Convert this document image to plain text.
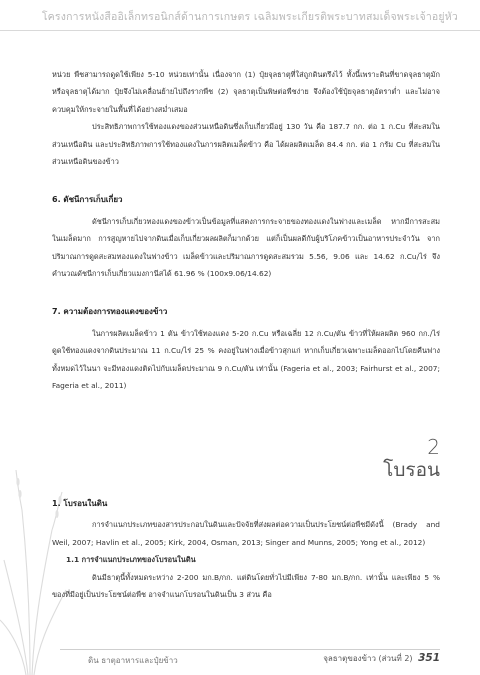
โครงการหนังสืออิเล็กทรอนิกส์ด้านการเกษตร เฉลิมพระเกียรติพระบาทสมเด็จพระเจ้าอยู่หัว

หน่วย พืชสามารถดูดใช้เพียง 5-10 หน่วยเท่านั้น เนื่องจาก (1) ปุ๋ยจุลธาตุที่ใส่ถูกดินตรึงไว้ ทั้งนี้เพราะดินที่ขาดจุลธาตุมักหรือจุลธาตุได้มาก ปุ๋ยจึงไม่เคลื่อนย้ายไปถึงรากพืช (2) จุลธาตุเป็นพิษต่อพืชง่าย จึงต้องใช้ปุ๋ยจุลธาตุอัตราต่ำ และไม่อาจควบคุมให้กระจายในพื้นที่ได้อย่างสม่ำเสมอ

ประสิทธิภาพการใช้ทองแดงของส่วนเหนือดินซึ่งเก็บเกี่ยวมีอยู่ 130 วัน คือ 187.7 กก. ต่อ 1 ก.Cu ที่สะสมในส่วนเหนือดิน และประสิทธิภาพการใช้ทองแดงในการผลิตเมล็ดข้าว คือ ได้ผลผลิตเมล็ด 84.4 กก. ต่อ 1 กรัม Cu ที่สะสมในส่วนเหนือดินของข้าว

6. ดัชนีการเก็บเกี่ยว

ดัชนีการเก็บเกี่ยวทองแดงของข้าวเป็นข้อมูลที่แสดงการกระจายของทองแดงในฟางและเมล็ด หากมีการสะสมในเมล็ดมาก การสูญหายไปจากดินเมื่อเก็บเกี่ยวผลผลิตก็มากด้วย แต่ก็เป็นผลดีกับผู้บริโภคข้าวเป็นอาหารประจำวัน จากปริมาณการดูดสะสมทองแดงในฟางข้าว เมล็ดข้าวและปริมาณการดูดสะสมรวม 5.56, 9.06 และ 14.62 ก.Cu/ไร่ จึงคำนวณดัชนีการเก็บเกี่ยวแมงกานีสได้ 61.96 % (100x9.06/14.62)

7. ความต้องการทองแดงของข้าว

ในการผลิตเมล็ดข้าว 1 ตัน ข้าวใช้ทองแดง 5-20 ก.Cu หรือเฉลี่ย 12 ก.Cu/ตัน ข้าวที่ให้ผลผลิต 960 กก./ไร่ ดูดใช้ทองแดงจากดินประมาณ 11 ก.Cu/ไร่ 25 % คงอยู่ในฟางเมื่อข้าวสุกแก่ หากเก็บเกี่ยวเฉพาะเมล็ดออกไปโดยคืนฟางทั้งหมดไว้ในนา จะมีทองแดงติดไปกับเมล็ดประมาณ 9 ก.Cu/ตัน เท่านั้น (Fageria et al., 2003; Fairhurst et al., 2007; Fageria et al., 2011)

2
โบรอน

1. โบรอนในดิน

การจำแนกประเภทของสารประกอบในดินและปัจจัยที่ส่งผลต่อความเป็นประโยชน์ต่อพืชมีดังนี้ (Brady and Weil, 2007; Havlin et al., 2005; Kirk, 2004, Osman, 2013; Singer and Munns, 2005; Yong et al., 2012)

1.1 การจำแนกประเภทของโบรอนในดิน

ดินมีธาตุนี้ทั้งหมดระหว่าง 2-200 มก.B/กก. แต่ดินโดยทั่วไปมีเพียง 7-80 มก.B/กก. เท่านั้น และเพียง 5 % ของที่มีอยู่เป็นประโยชน์ต่อพืช อาจจำแนกโบรอนในดินเป็น 3 ส่วน คือ

ดิน ธาตุอาหารและปุ๋ยข้าว	จุลธาตุของข้าว (ส่วนที่ 2) 351
